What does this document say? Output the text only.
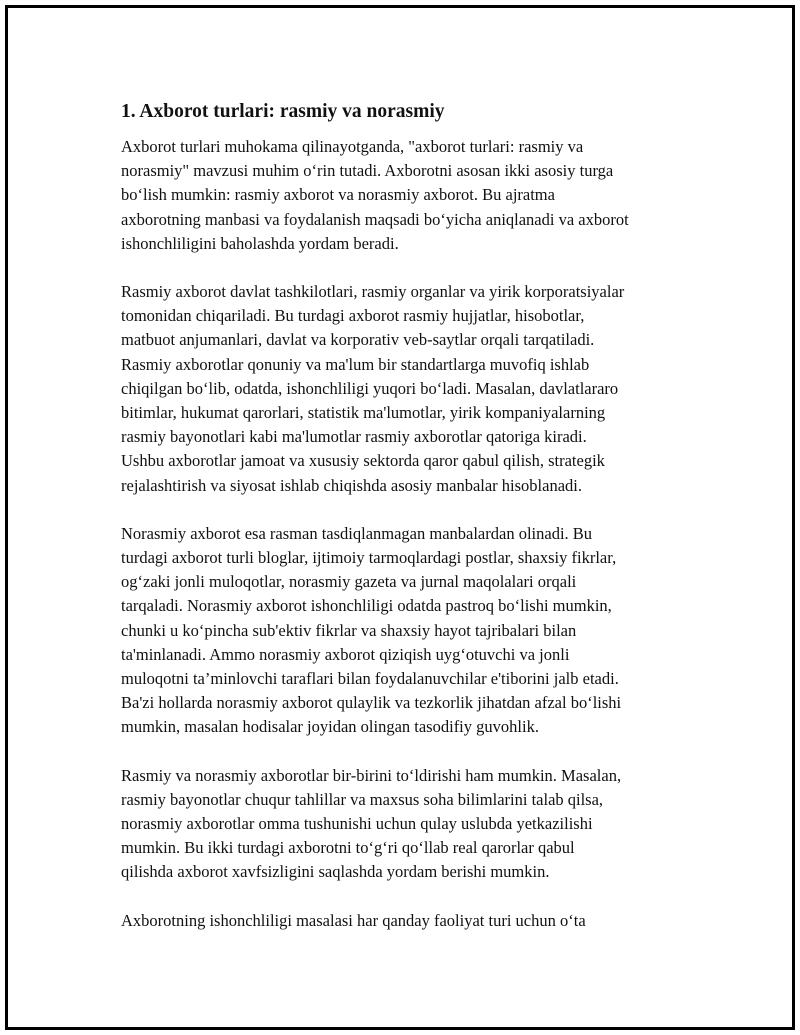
1. Axborot turlari: rasmiy va norasmiy

Axborot turlari muhokama qilinayotganda, "axborot turlari: rasmiy va
norasmiy" mavzusi muhim o‘rin tutadi. Axborotni asosan ikki asosiy turga
bo‘lish mumkin: rasmiy axborot va norasmiy axborot. Bu ajratma
axborotning manbasi va foydalanish maqsadi bo‘yicha aniqlanadi va axborot
ishonchliligini baholashda yordam beradi.

Rasmiy axborot davlat tashkilotlari, rasmiy organlar va yirik korporatsiyalar
tomonidan chiqariladi. Bu turdagi axborot rasmiy hujjatlar, hisobotlar,
matbuot anjumanlari, davlat va korporativ veb-saytlar orqali tarqatiladi.
Rasmiy axborotlar qonuniy va ma'lum bir standartlarga muvofiq ishlab
chiqilgan bo‘lib, odatda, ishonchliligi yuqori bo‘ladi. Masalan, davlatlararo
bitimlar, hukumat qarorlari, statistik ma'lumotlar, yirik kompaniyalarning
rasmiy bayonotlari kabi ma'lumotlar rasmiy axborotlar qatoriga kiradi.
Ushbu axborotlar jamoat va xususiy sektorda qaror qabul qilish, strategik
rejalashtirish va siyosat ishlab chiqishda asosiy manbalar hisoblanadi.

Norasmiy axborot esa rasman tasdiqlanmagan manbalardan olinadi. Bu
turdagi axborot turli bloglar, ijtimoiy tarmoqlardagi postlar, shaxsiy fikrlar,
og‘zaki jonli muloqotlar, norasmiy gazeta va jurnal maqolalari orqali
tarqaladi. Norasmiy axborot ishonchliligi odatda pastroq bo‘lishi mumkin,
chunki u ko‘pincha sub'ektiv fikrlar va shaxsiy hayot tajribalari bilan
ta'minlanadi. Ammo norasmiy axborot qiziqish uyg‘otuvchi va jonli
muloqotni ta’minlovchi taraflari bilan foydalanuvchilar e'tiborini jalb etadi.
Ba'zi hollarda norasmiy axborot qulaylik va tezkorlik jihatdan afzal bo‘lishi
mumkin, masalan hodisalar joyidan olingan tasodifiy guvohlik.

Rasmiy va norasmiy axborotlar bir-birini to‘ldirishi ham mumkin. Masalan,
rasmiy bayonotlar chuqur tahlillar va maxsus soha bilimlarini talab qilsa,
norasmiy axborotlar omma tushunishi uchun qulay uslubda yetkazilishi
mumkin. Bu ikki turdagi axborotni to‘g‘ri qo‘llab real qarorlar qabul
qilishda axborot xavfsizligini saqlashda yordam berishi mumkin.

Axborotning ishonchliligi masalasi har qanday faoliyat turi uchun o‘ta
